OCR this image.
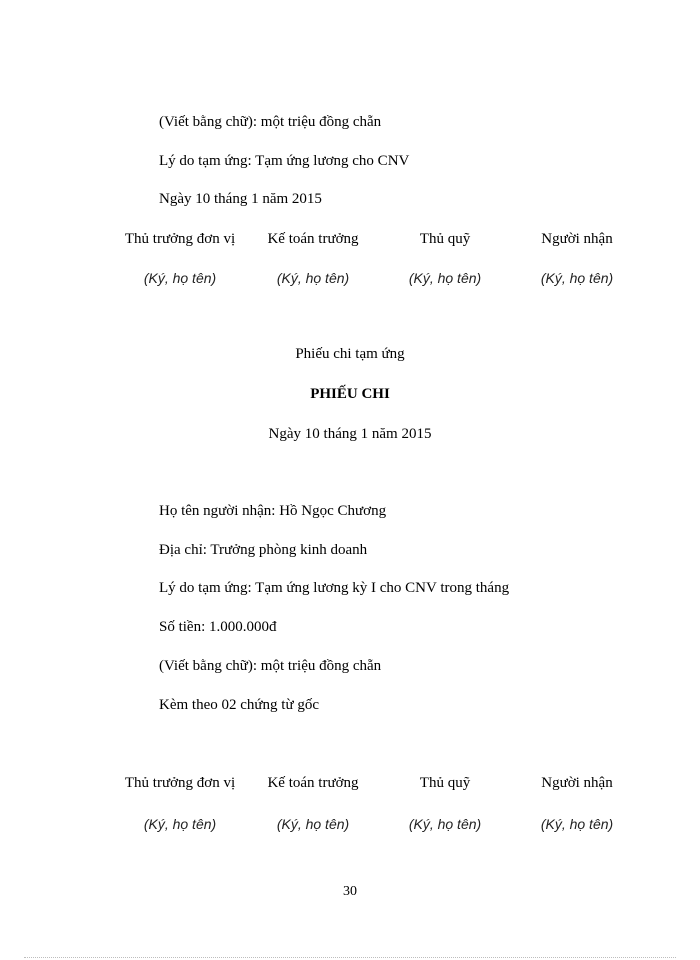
(Viết bằng chữ): một triệu đồng chẵn
Lý do tạm ứng: Tạm ứng lương cho CNV
Ngày 10 tháng 1 năm 2015
Thủ trưởng đơn vị	Kế toán trưởng	Thủ quỹ	Người nhận
(Ký, họ tên)	(Ký, họ tên)	(Ký, họ tên)	(Ký, họ tên)
Phiếu chi tạm ứng
PHIẾU CHI
Ngày 10 tháng 1 năm 2015
Họ tên người nhận: Hồ Ngọc Chương
Địa chỉ: Trưởng phòng kinh doanh
Lý do tạm ứng: Tạm ứng lương kỳ I cho CNV trong tháng
Số tiền: 1.000.000đ
(Viết bằng chữ): một triệu đồng chẵn
Kèm theo 02 chứng từ gốc
Thủ trưởng đơn vị	Kế toán trưởng	Thủ quỹ	Người nhận
(Ký, họ tên)	(Ký, họ tên)	(Ký, họ tên)	(Ký, họ tên)
30
